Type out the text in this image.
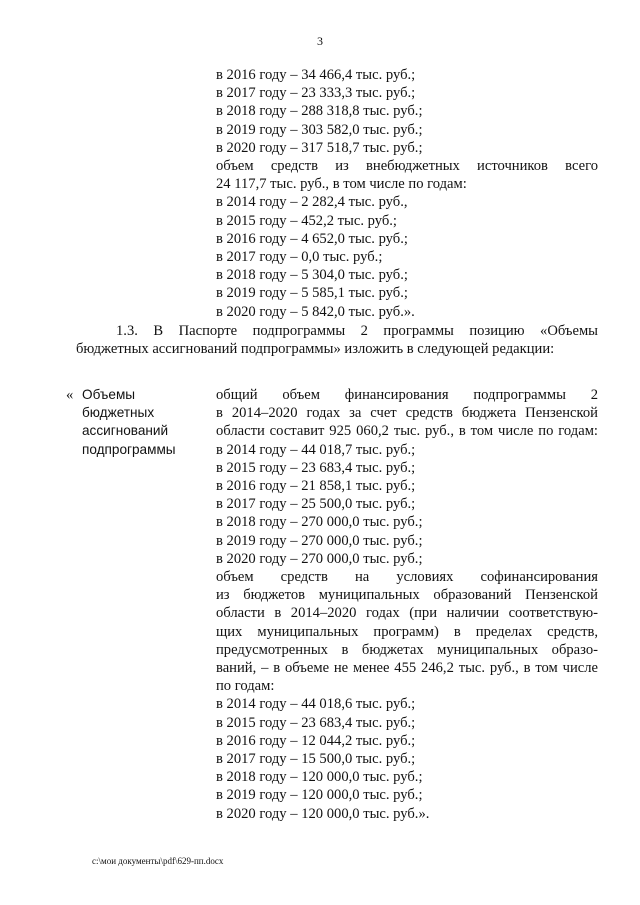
3
в 2016 году – 34 466,4 тыс. руб.;
в 2017 году – 23 333,3 тыс. руб.;
в 2018 году – 288 318,8 тыс. руб.;
в 2019 году – 303 582,0 тыс. руб.;
в 2020 году – 317 518,7 тыс. руб.;
объем средств из внебюджетных источников всего
24 117,7 тыс. руб., в том числе по годам:
в 2014 году – 2 282,4 тыс. руб.,
в 2015 году – 452,2 тыс. руб.;
в 2016 году – 4 652,0 тыс. руб.;
в 2017 году – 0,0 тыс. руб.;
в 2018 году – 5 304,0 тыс. руб.;
в 2019 году – 5 585,1 тыс. руб.;
в 2020 году – 5 842,0 тыс. руб.».
1.3. В Паспорте подпрограммы 2 программы позицию «Объемы
бюджетных ассигнований подпрограммы» изложить в следующей редакции:
« Объемы
бюджетных
ассигнований
подпрограммы
общий объем финансирования подпрограммы 2
в 2014–2020 годах за счет средств бюджета Пензенской
области составит 925 060,2 тыс. руб., в том числе по годам:
в 2014 году – 44 018,7 тыс. руб.;
в 2015 году – 23 683,4 тыс. руб.;
в 2016 году – 21 858,1 тыс. руб.;
в 2017 году – 25 500,0 тыс. руб.;
в 2018 году – 270 000,0 тыс. руб.;
в 2019 году – 270 000,0 тыс. руб.;
в 2020 году – 270 000,0 тыс. руб.;
объем средств на условиях софинансирования
из бюджетов муниципальных образований Пензенской
области в 2014–2020 годах (при наличии соответствую-
щих муниципальных программ) в пределах средств,
предусмотренных в бюджетах муниципальных образо-
ваний, – в объеме не менее 455 246,2 тыс. руб., в том числе
по годам:
в 2014 году – 44 018,6 тыс. руб.;
в 2015 году – 23 683,4 тыс. руб.;
в 2016 году – 12 044,2 тыс. руб.;
в 2017 году – 15 500,0 тыс. руб.;
в 2018 году – 120 000,0 тыс. руб.;
в 2019 году – 120 000,0 тыс. руб.;
в 2020 году – 120 000,0 тыс. руб.».
c:\мои документы\pdf\629-пп.docx
